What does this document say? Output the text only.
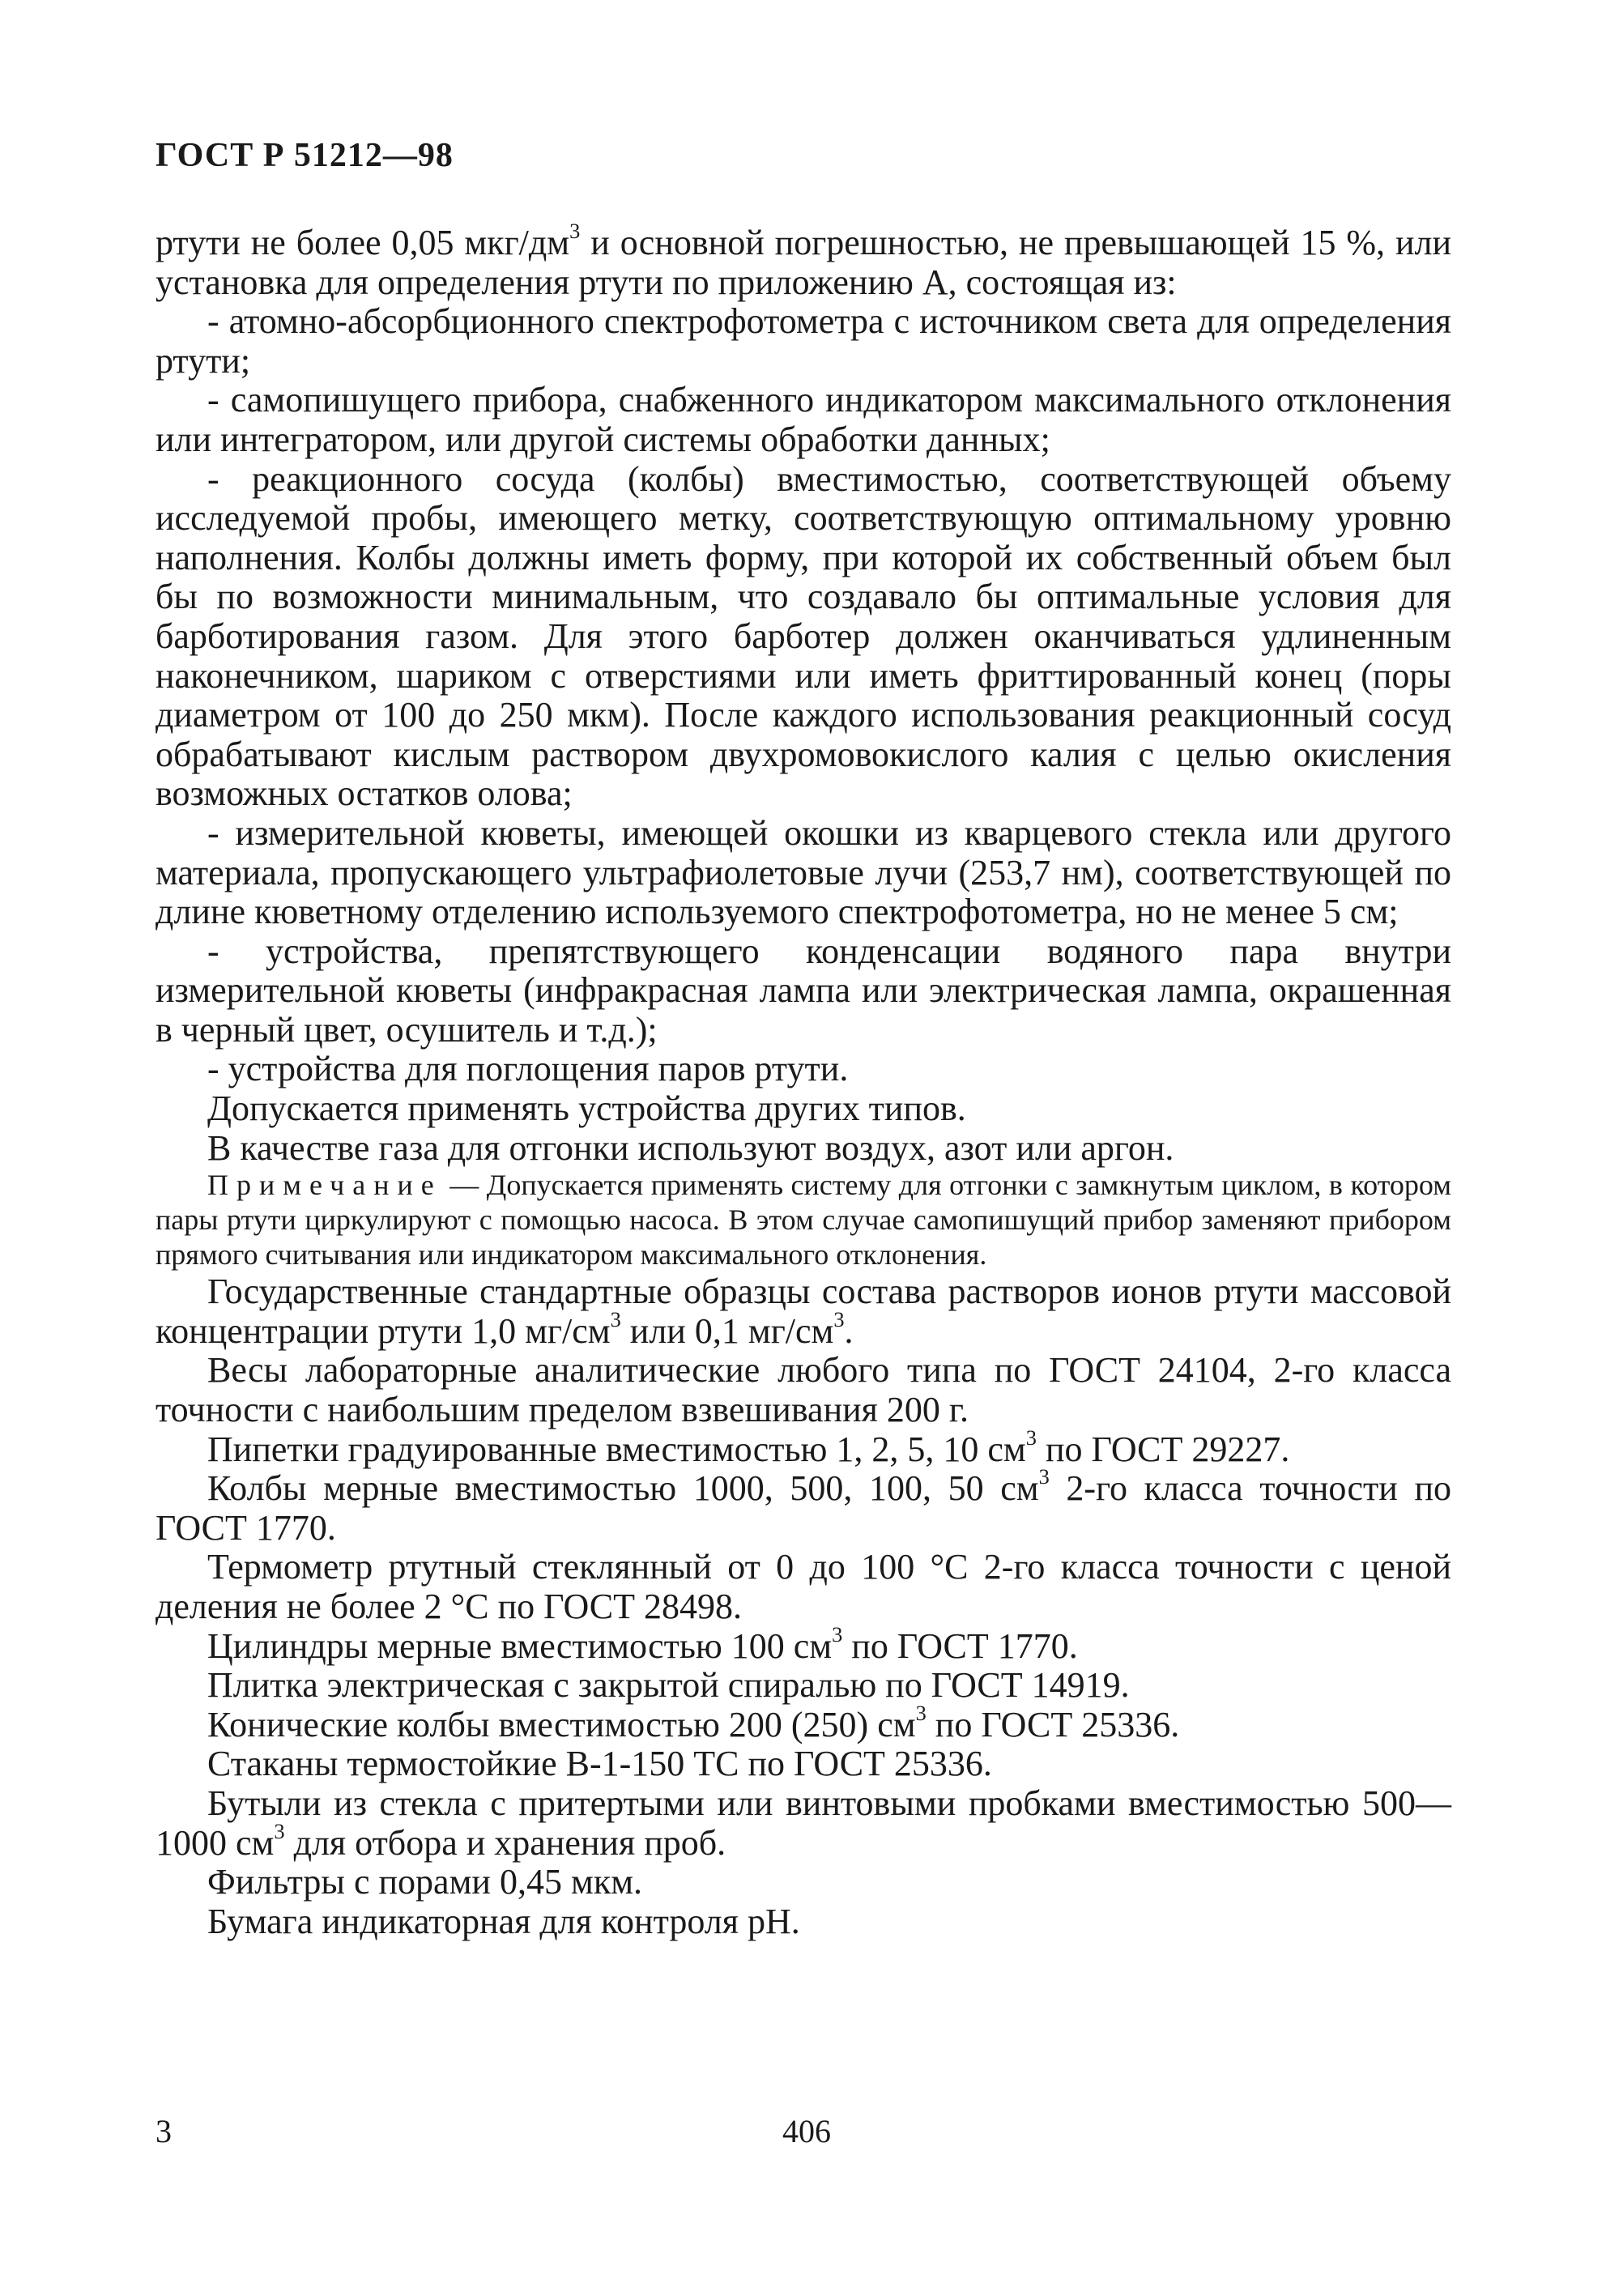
ГОСТ Р 51212—98

ртути не более 0,05 мкг/$дм^3$ и основной погрешностью, не превышающей 15 %, или установка для определения ртути по приложению А, состоящая из:

- атомно-абсорбционного спектрофотометра с источником света для определения ртути;

- самопишущего прибора, снабженного индикатором максимального отклонения или интегратором, или другой системы обработки данных;

- реакционного сосуда (колбы) вместимостью, соответствующей объему исследуемой пробы, имеющего метку, соответствующую оптимальному уровню наполнения. Колбы должны иметь форму, при которой их собственный объем был бы по возможности минимальным, что создавало бы оптимальные условия для барботирования газом. Для этого барботер должен оканчиваться удлиненным наконечником, шариком с отверстиями или иметь фриттированный конец (поры диаметром от 100 до 250 мкм). После каждого использования реакционный сосуд обрабатывают кислым раствором двухромовокислого калия с целью окисления возможных остатков олова;

- измерительной кюветы, имеющей окошки из кварцевого стекла или другого материала, пропускающего ультрафиолетовые лучи (253,7 нм), соответствующей по длине кюветному отделению используемого спектрофотометра, но не менее 5 см;

- устройства, препятствующего конденсации водяного пара внутри измерительной кюветы (инфракрасная лампа или электрическая лампа, окрашенная в черный цвет, осушитель и т.д.);

- устройства для поглощения паров ртути.

Допускается применять устройства других типов.

В качестве газа для отгонки используют воздух, азот или аргон.

Примечание — Допускается применять систему для отгонки с замкнутым циклом, в котором пары ртути циркулируют с помощью насоса. В этом случае самопишущий прибор заменяют прибором прямого считывания или индикатором максимального отклонения.

Государственные стандартные образцы состава растворов ионов ртути массовой концентрации ртути 1,0 $мг/см^3$ или 0,1 $мг/см^3$.

Весы лабораторные аналитические любого типа по ГОСТ 24104, 2-го класса точности с наибольшим пределом взвешивания 200 г.

Пипетки градуированные вместимостью 1, 2, 5, 10 $см^3$ по ГОСТ 29227.

Колбы мерные вместимостью 1000, 500, 100, 50 $см^3$ 2-го класса точности по ГОСТ 1770.

Термометр ртутный стеклянный от 0 до 100 °С 2-го класса точности с ценой деления не более 2 °С по ГОСТ 28498.

Цилиндры мерные вместимостью 100 $см^3$ по ГОСТ 1770.

Плитка электрическая с закрытой спиралью по ГОСТ 14919.

Конические колбы вместимостью 200 (250) $см^3$ по ГОСТ 25336.

Стаканы термостойкие В-1-150 ТС по ГОСТ 25336.

Бутыли из стекла с притертыми или винтовыми пробками вместимостью 500—1000 $см^3$ для отбора и хранения проб.

Фильтры с порами 0,45 мкм.

Бумага индикаторная для контроля рН.

3	406
